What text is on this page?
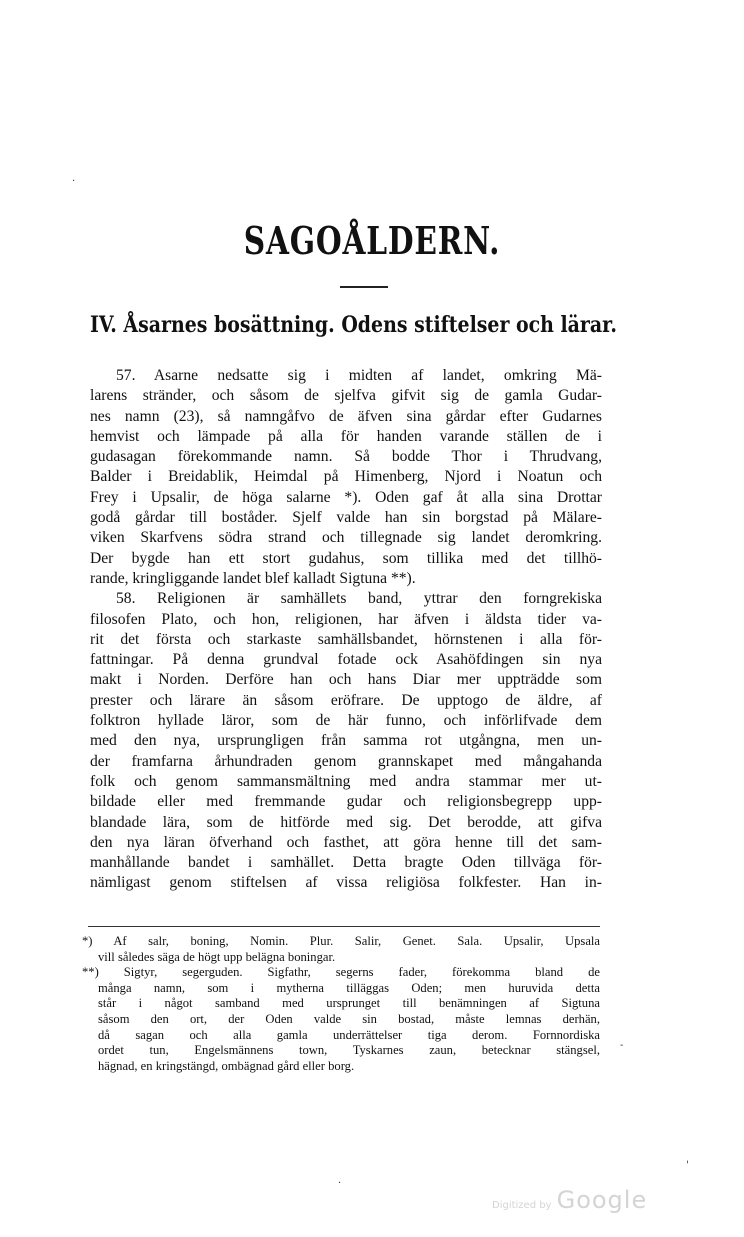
SAGOÅLDERN.
IV. Åsarnes bosättning. Odens stiftelser och lärar.
57. Asarne nedsatte sig i midten af landet, omkring Mä-
larens stränder, och såsom de sjelfva gifvit sig de gamla Gudar-
nes namn (23), så namngåfvo de äfven sina gårdar efter Gudarnes
hemvist och lämpade på alla för handen varande ställen de i
gudasagan förekommande namn. Så bodde Thor i Thrudvang,
Balder i Breidablik, Heimdal på Himenberg, Njord i Noatun och
Frey i Upsalir, de höga salarne *). Oden gaf åt alla sina Drottar
godå gårdar till boståder. Sjelf valde han sin borgstad på Mälare-
viken Skarfvens södra strand och tillegnade sig landet deromkring.
Der bygde han ett stort gudahus, som tillika med det tillhö-
rande, kringliggande landet blef kalladt Sigtuna **).
58. Religionen är samhällets band, yttrar den forngrekiska
filosofen Plato, och hon, religionen, har äfven i äldsta tider va-
rit det första och starkaste samhällsbandet, hörnstenen i alla för-
fattningar. På denna grundval fotade ock Asahöfdingen sin nya
makt i Norden. Derföre han och hans Diar mer uppträdde som
prester och lärare än såsom eröfrare. De upptogo de äldre, af
folktron hyllade läror, som de här funno, och införlifvade dem
med den nya, ursprungligen från samma rot utgångna, men un-
der framfarna århundraden genom grannskapet med mångahanda
folk och genom sammansmältning med andra stammar mer ut-
bildade eller med fremmande gudar och religionsbegrepp upp-
blandade lära, som de hitförde med sig. Det berodde, att gifva
den nya läran öfverhand och fasthet, att göra henne till det sam-
manhållande bandet i samhället. Detta bragte Oden tillväga för-
nämligast genom stiftelsen af vissa religiösa folkfester. Han in-
*) Af salr, boning, Nomin. Plur. Salir, Genet. Sala. Upsalir, Upsala
vill således säga de högt upp belägna boningar.
**) Sigtyr, segerguden. Sigfathr, segerns fader, förekomma bland de
många namn, som i mytherna tilläggas Oden; men huruvida detta
står i något samband med ursprunget till benämningen af Sigtuna
såsom den ort, der Oden valde sin bostad, måste lemnas derhän,
då sagan och alla gamla underrättelser tiga derom. Fornnordiska
ordet tun, Engelsmännens town, Tyskarnes zaun, betecknar stängsel,
hägnad, en kringstängd, ombägnad gård eller borg.
·
-
'
·
Digitized by Google
